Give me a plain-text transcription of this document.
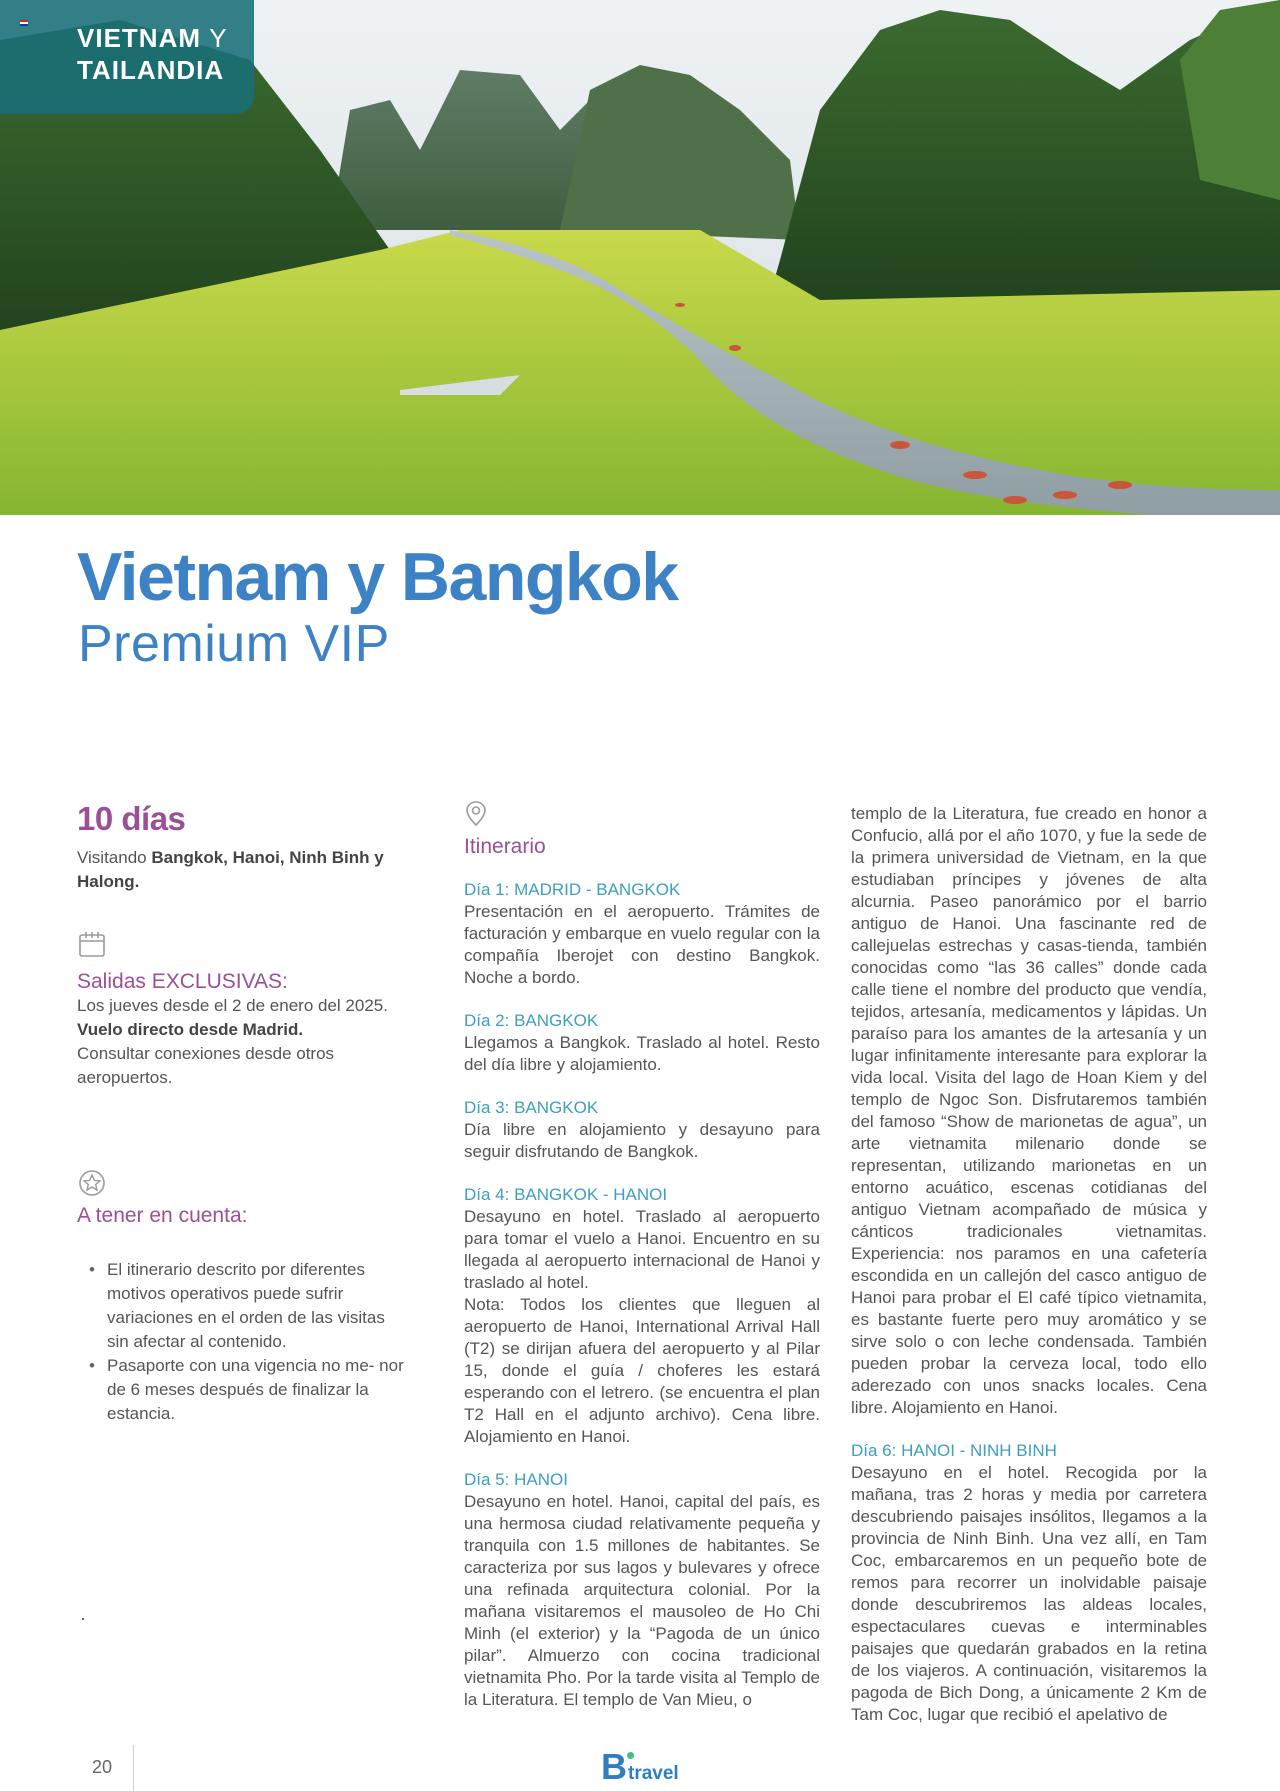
VIETNAM Y
TAILANDIA
Vietnam y Bangkok
Premium VIP
10 días
Visitando Bangkok, Hanoi, Ninh Binh y Halong.
Salidas EXCLUSIVAS:
Los jueves desde el 2 de enero del 2025.
Vuelo directo desde Madrid.
Consultar conexiones desde otros aeropuertos.
A tener en cuenta:
• El itinerario descrito por diferentes motivos operativos puede sufrir variaciones en el orden de las visitas sin afectar al contenido.
• Pasaporte con una vigencia no me- nor de 6 meses después de finalizar la estancia.
Itinerario
Día 1: MADRID - BANGKOK

Presentación en el aeropuerto. Trámites de facturación y embarque en vuelo regular con la compañía Iberojet con destino Bangkok. Noche a bordo.

Día 2: BANGKOK

Llegamos a Bangkok. Traslado al hotel. Resto del día libre y alojamiento.

Día 3: BANGKOK

Día libre en alojamiento y desayuno para seguir disfrutando de Bangkok.

Día 4: BANGKOK - HANOI

Desayuno en hotel. Traslado al aeropuerto para tomar el vuelo a Hanoi. Encuentro en su llegada al aeropuerto internacional de Hanoi y traslado al hotel.

Nota: Todos los clientes que lleguen al aeropuerto de Hanoi, International Arrival Hall (T2) se dirijan afuera del aeropuerto y al Pilar 15, donde el guía / choferes les estará esperando con el letrero. (se encuentra el plan T2 Hall en el adjunto archivo). Cena libre. Alojamiento en Hanoi.

Día 5: HANOI

Desayuno en hotel. Hanoi, capital del país, es una hermosa ciudad relativamente pequeña y tranquila con 1.5 millones de habitantes. Se caracteriza por sus lagos y bulevares y ofrece una refinada arquitectura colonial. Por la mañana visitaremos el mausoleo de Ho Chi Minh (el exterior) y la “Pagoda de un único pilar”. Almuerzo con cocina tradicional vietnamita Pho. Por la tarde visita al Templo de la Literatura. El templo de Van Mieu, o

templo de la Literatura, fue creado en honor a Confucio, allá por el año 1070, y fue la sede de la primera universidad de Vietnam, en la que estudiaban príncipes y jóvenes de alta alcurnia. Paseo panorámico por el barrio antiguo de Hanoi. Una fascinante red de callejuelas estrechas y casas-tienda, también conocidas como “las 36 calles” donde cada calle tiene el nombre del producto que vendía, tejidos, artesanía, medicamentos y lápidas. Un paraíso para los amantes de la artesanía y un lugar infinitamente interesante para explorar la vida local. Visita del lago de Hoan Kiem y del templo de Ngoc Son. Disfrutaremos también del famoso “Show de marionetas de agua”, un arte vietnamita milenario donde se representan, utilizando marionetas en un entorno acuático, escenas cotidianas del antiguo Vietnam acompañado de música y cánticos tradicionales vietnamitas. Experiencia: nos paramos en una cafetería escondida en un callejón del casco antiguo de Hanoi para probar el El café típico vietnamita, es bastante fuerte pero muy aromático y se sirve solo o con leche condensada. También pueden probar la cerveza local, todo ello aderezado con unos snacks locales. Cena libre. Alojamiento en Hanoi.

Día 6: HANOI - NINH BINH

Desayuno en el hotel. Recogida por la mañana, tras 2 horas y media por carretera descubriendo paisajes insólitos, llegamos a la provincia de Ninh Binh. Una vez allí, en Tam Coc, embarcaremos en un pequeño bote de remos para recorrer un inolvidable paisaje donde descubriremos las aldeas locales, espectaculares cuevas e interminables paisajes que quedarán grabados en la retina de los viajeros. A continuación, visitaremos la pagoda de Bich Dong, a únicamente 2 Km de Tam Coc, lugar que recibió el apelativo de

20	B travel
